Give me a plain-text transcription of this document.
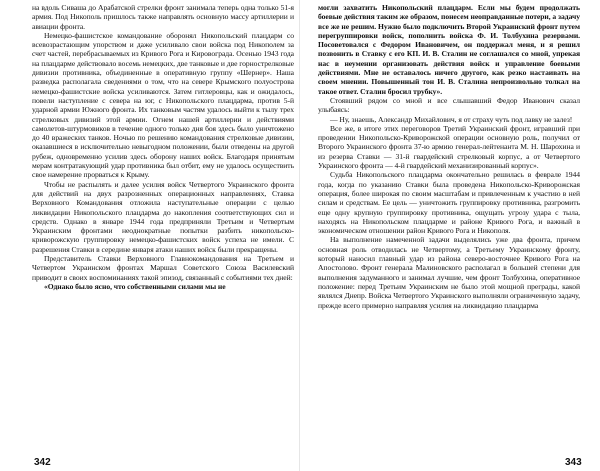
на вдоль Сиваша до Арабатской стрелки фронт занимала теперь одна только 51-я армия. Под Никополь пришлось также направлять основную массу артиллерии и авиации фронта.

Немецко-фашистское командование оборонял Никопольский плацдарм со всевозрастающим упорством и даже усиливало свои войска под Никополем за счет частей, перебрасываемых из Кривого Рога и Кировограда. Осенью 1943 года на плацдарме действовало восемь немецких, две танковые и две горнострелковые дивизии противника, объединенные в оперативную группу «Шернер». Наша разведка располагала сведениями о том, что на севере Крымского полуострова немецко-фашистские войска усиливаются. Затем гитлеровцы, как и ожидалось, повели наступление с севера на юг, с Никопольского плацдарма, против 5-й ударной армии Южного фронта. Их танковым частям удалось выйти к тылу трех стрелковых дивизий этой армии. Огнем нашей артиллерии и действиями самолетов-штурмовиков в течение одного только дня боя здесь было уничтожено до 40 вражеских танков. Ночью по решению командования стрелковые дивизии, оказавшиеся в исключительно невыгодном положении, были отведены на другой рубеж, одновременно усилив здесь оборону наших войск. Благодаря принятым мерам контратакующий удар противника был отбит, ему не удалось осуществить свое намерение прорваться к Крыму.

Чтобы не распылять и далее усилия войск Четвертого Украинского фронта для действий на двух разрозненных операционных направлениях, Ставка Верховного Командования отложила наступательные операции с целью ликвидации Никопольского плацдарма до накопления соответствующих сил и средств. Однако в январе 1944 года предприняли Третьим и Четвертым Украинским фронтами неоднократные попытки разбить никопольско-криворожскую группировку немецко-фашистских войск успеха не имели. С разрешения Ставки в середине января атаки наших войск были прекращены.

Представитель Ставки Верховного Главнокомандования на Третьем и Четвертом Украинском фронтах Маршал Советского Союза Василевский приводит в своих воспоминаниях такой эпизод, связанный с событиями тех дней:

«Однако было ясно, что собственными силами мы не

342

могли захватить Никопольский плацдарм. Если мы будем продолжать боевые действия таким же образом, понесем неоправданные потери, а задачу все же не решим. Нужно было подключить Второй Украинский фронт путем перегруппировки войск, пополнить войска Ф. И. Толбухина резервами. Посоветовался с Федором Ивановичем, он поддержал меня, и я решил позвонить в Ставку с его КП. И. В. Сталин не соглашался со мной, упрекая нас в неумении организовать действия войск и управление боевыми действиями. Мне не оставалось ничего другого, как резко настаивать на своем мнении. Повышенный тон И. В. Сталина непроизвольно толкал на такое ответ. Сталин бросил трубку».

Стоявший рядом со мной и все слышавший Федор Иванович сказал улыбаясь:

— Ну, знаешь, Александр Михайлович, я от страху чуть под лавку не залез!

Все же, в итоге этих переговоров Третий Украинский фронт, игравший при проведении Никопольско-Криворожской операции основную роль, получил от Второго Украинского фронта 37-ю армию генерал-лейтенанта М. Н. Шарохина и из резерва Ставки — 31-й гвардейский стрелковый корпус, а от Четвертого Украинского фронта — 4-й гвардейский механизированный корпус».

Судьба Никопольского плацдарма окончательно решилась в феврале 1944 года, когда по указанию Ставки была проведена Никопольско-Криворожская операция, более широкая по своим масштабам и привлеченным к участию в ней силам и средствам. Ее цель — уничтожить группировку противника, разгромить еще одну крупную группировку противника, ощущать угрозу удара с тыла, находясь на Никопольском плацдарме и районе Кривого Рога, и важный в экономическом отношении район Кривого Рога и Никополя.

На выполнение намеченной задачи выделялись уже два фронта, причем основная роль отводилась не Четвертому, а Третьему Украинскому фронту, который наносил главный удар из района северо-восточнее Кривого Рога на Апостолово. Фронт генерала Малиновского располагал в большей степени для выполнения задуманного и занимал лучшие, чем фронт Толбухина, оперативное положение: перед Третьим Украинским не было этой мощной преграды, какой являлся Днепр. Войска Четвертого Украинского выполняли ограниченную задачу, прежде всего примерно направляя усилия на ликвидацию плацдарма

343
